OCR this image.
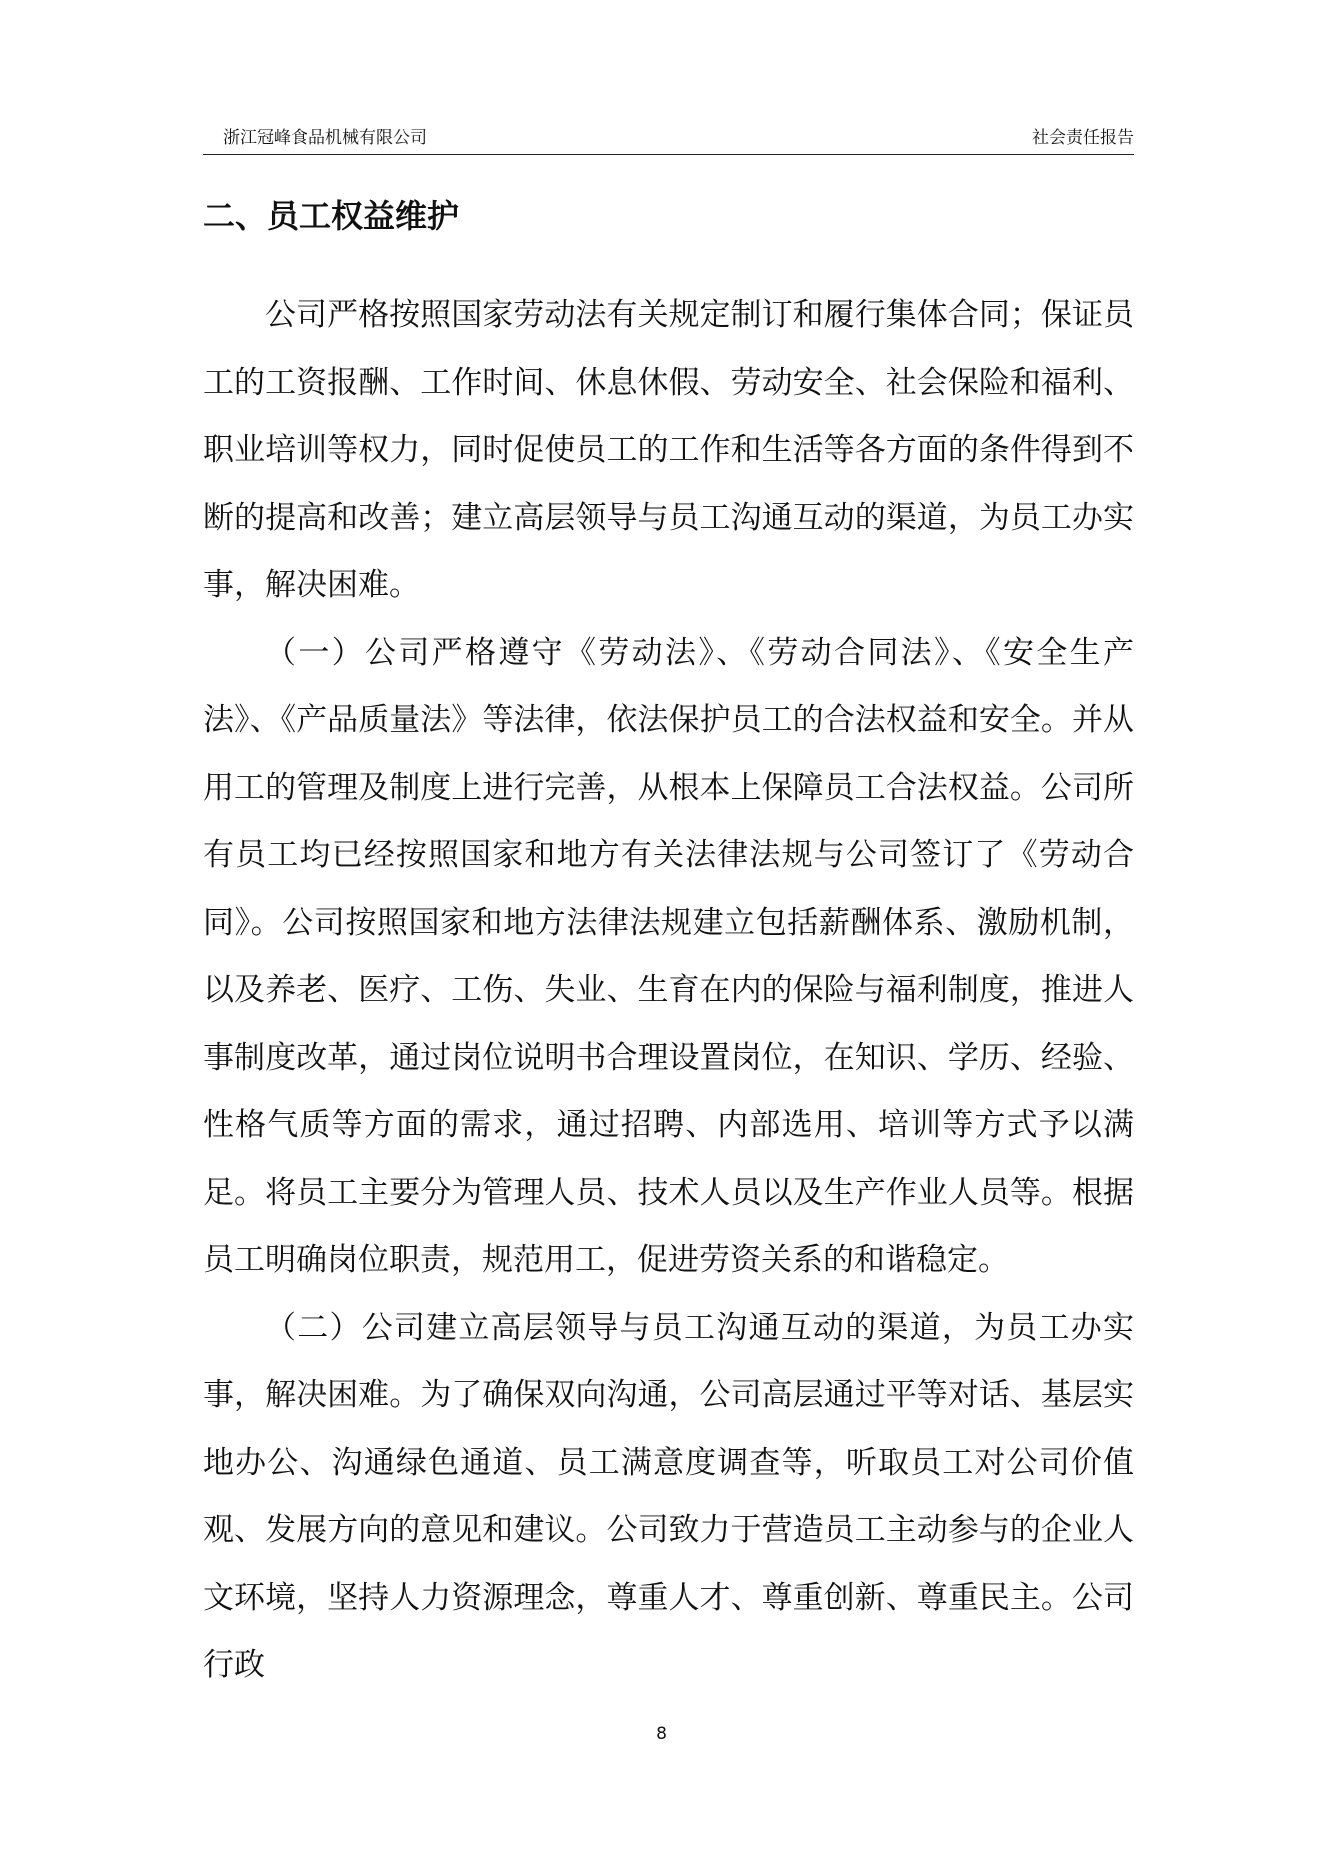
浙江冠峰食品机械有限公司	社会责任报告
二、员工权益维护

公司严格按照国家劳动法有关规定制订和履行集体合同；保证员工的工资报酬、工作时间、休息休假、劳动安全、社会保险和福利、职业培训等权力，同时促使员工的工作和生活等各方面的条件得到不断的提高和改善；建立高层领导与员工沟通互动的渠道，为员工办实事，解决困难。

（一）公司严格遵守《劳动法》、《劳动合同法》、《安全生产法》、《产品质量法》等法律，依法保护员工的合法权益和安全。并从用工的管理及制度上进行完善，从根本上保障员工合法权益。公司所有员工均已经按照国家和地方有关法律法规与公司签订了《劳动合同》。公司按照国家和地方法律法规建立包括薪酬体系、激励机制，以及养老、医疗、工伤、失业、生育在内的保险与福利制度，推进人事制度改革，通过岗位说明书合理设置岗位，在知识、学历、经验、性格气质等方面的需求，通过招聘、内部选用、培训等方式予以满足。将员工主要分为管理人员、技术人员以及生产作业人员等。根据员工明确岗位职责，规范用工，促进劳资关系的和谐稳定。

（二）公司建立高层领导与员工沟通互动的渠道，为员工办实事，解决困难。为了确保双向沟通，公司高层通过平等对话、基层实地办公、沟通绿色通道、员工满意度调查等，听取员工对公司价值观、发展方向的意见和建议。公司致力于营造员工主动参与的企业人文环境，坚持人力资源理念，尊重人才、尊重创新、尊重民主。公司行政

8
